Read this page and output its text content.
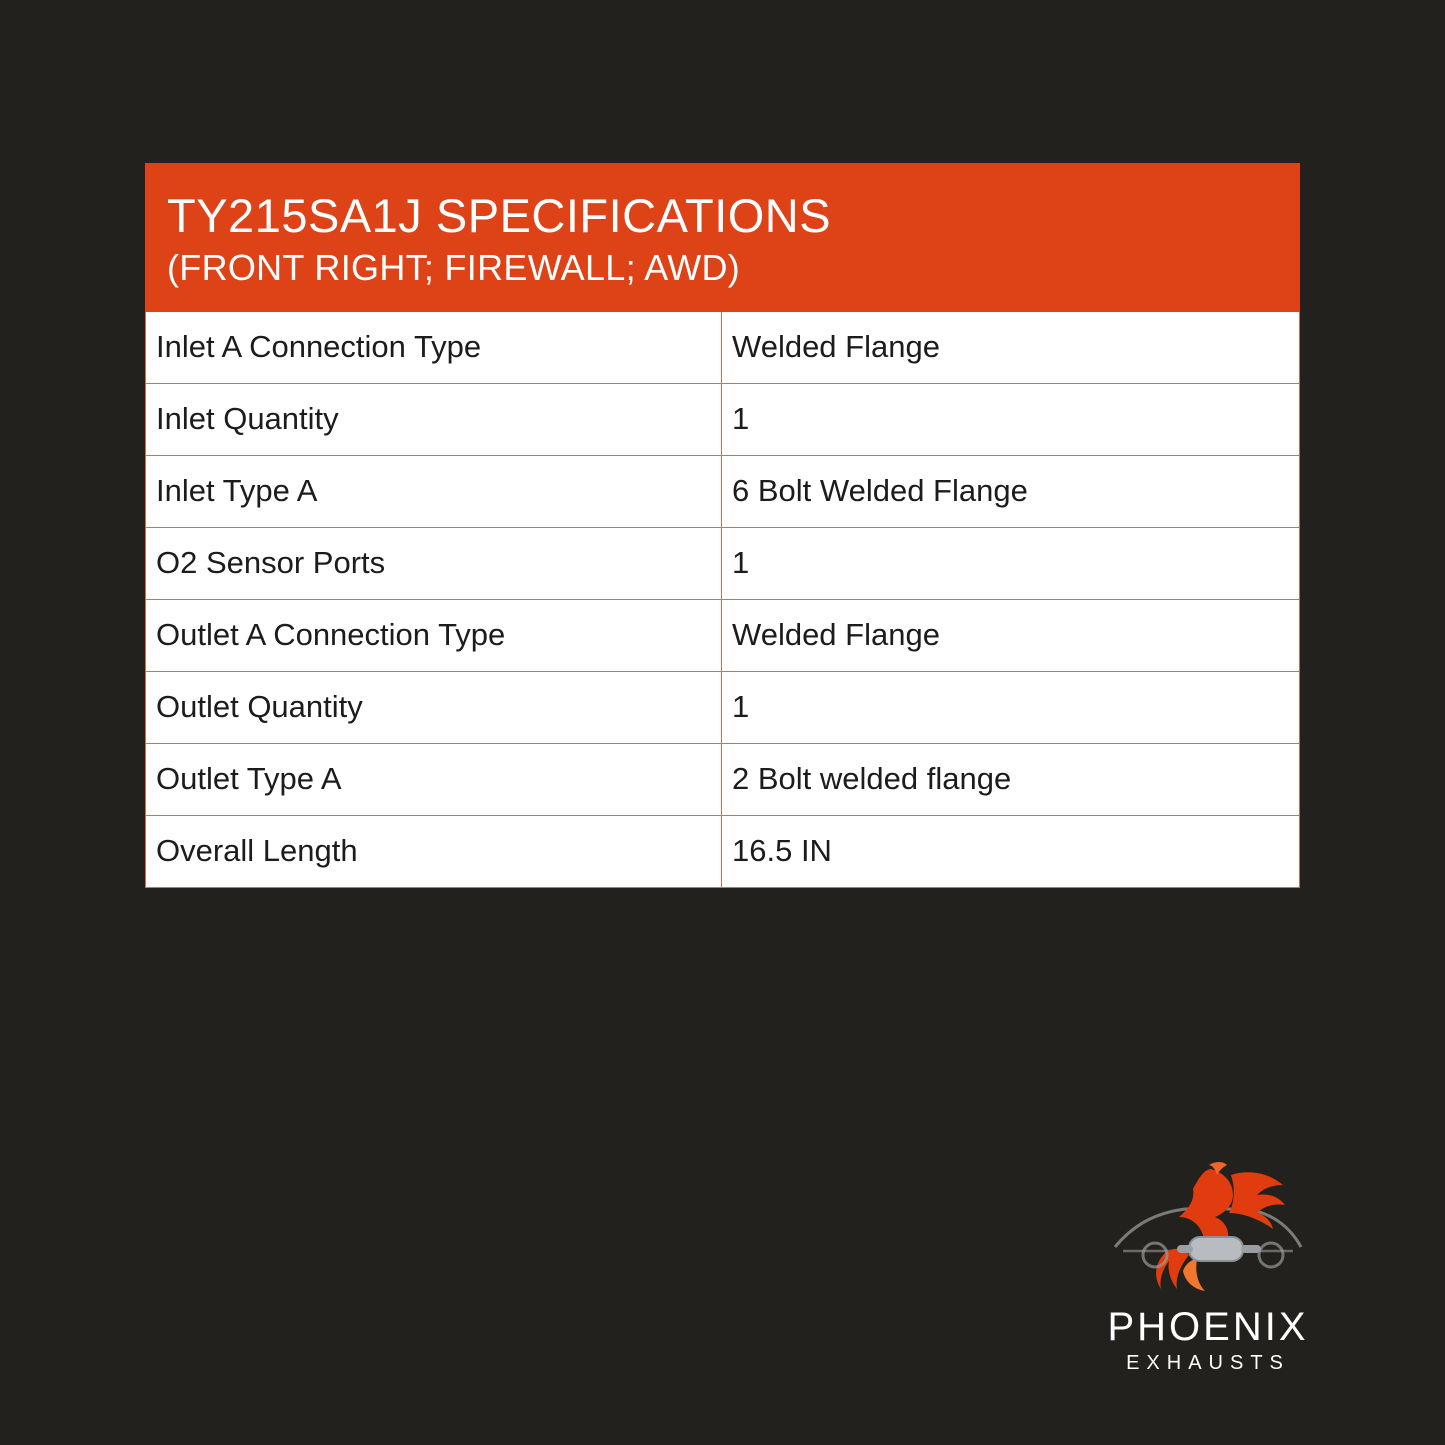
TY215SA1J SPECIFICATIONS
(FRONT RIGHT; FIREWALL; AWD)
Inlet A Connection Type	Welded Flange
Inlet Quantity	1
Inlet Type A	6 Bolt Welded Flange
O2 Sensor Ports	1
Outlet A Connection Type	Welded Flange
Outlet Quantity	1
Outlet Type A	2 Bolt welded flange
Overall Length	16.5 IN
PHOENIX
EXHAUSTS
